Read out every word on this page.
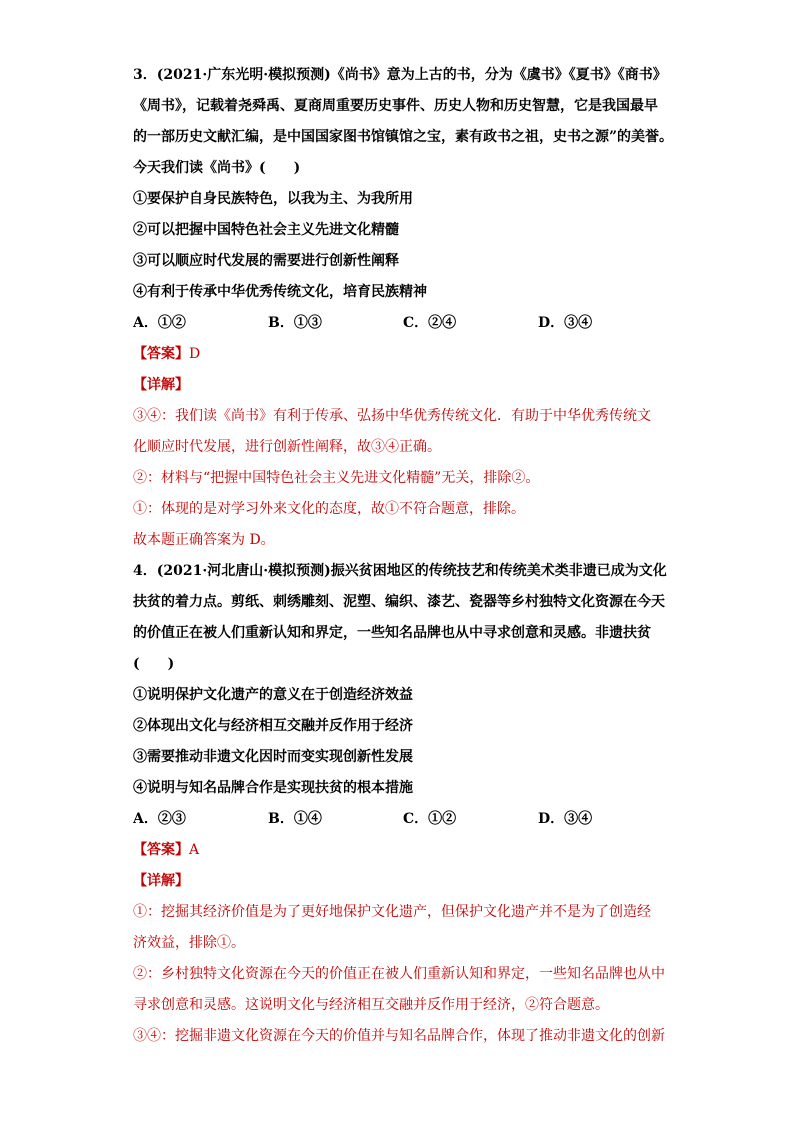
3．(2021·广东光明·模拟预测)《尚书》意为上古的书，分为《虞书》《夏书》《商书》
《周书》，记载着尧舜禹、夏商周重要历史事件、历史人物和历史智慧，它是我国最早
的一部历史文献汇编，是中国国家图书馆镇馆之宝，素有政书之祖，史书之源”的美誉。
今天我们读《尚书》(　　)
①要保护自身民族特色，以我为主、为我所用
②可以把握中国特色社会主义先进文化精髓
③可以顺应时代发展的需要进行创新性阐释
④有利于传承中华优秀传统文化，培育民族精神
A．①②	B．①③	C．②④	D．③④
【答案】D
【详解】
③④：我们读《尚书》有利于传承、弘扬中华优秀传统文化．有助于中华优秀传统文
化顺应时代发展，进行创新性阐释，故③④正确。
②：材料与“把握中国特色社会主义先进文化精髓”无关，排除②。
①：体现的是对学习外来文化的态度，故①不符合题意，排除。
故本题正确答案为 D。
4．(2021·河北唐山·模拟预测)振兴贫困地区的传统技艺和传统美术类非遗已成为文化
扶贫的着力点。剪纸、刺绣雕刻、泥塑、编织、漆艺、瓷器等乡村独特文化资源在今天
的价值正在被人们重新认知和界定，一些知名品牌也从中寻求创意和灵感。非遗扶贫
(　　)
①说明保护文化遗产的意义在于创造经济效益
②体现出文化与经济相互交融并反作用于经济
③需要推动非遗文化因时而变实现创新性发展
④说明与知名品牌合作是实现扶贫的根本措施
A．②③	B．①④	C．①②	D．③④
【答案】A
【详解】
①：挖掘其经济价值是为了更好地保护文化遗产，但保护文化遗产并不是为了创造经
济效益，排除①。
②：乡村独特文化资源在今天的价值正在被人们重新认知和界定，一些知名品牌也从中
寻求创意和灵感。这说明文化与经济相互交融并反作用于经济，②符合题意。
③④：挖掘非遗文化资源在今天的价值并与知名品牌合作，体现了推动非遗文化的创新
